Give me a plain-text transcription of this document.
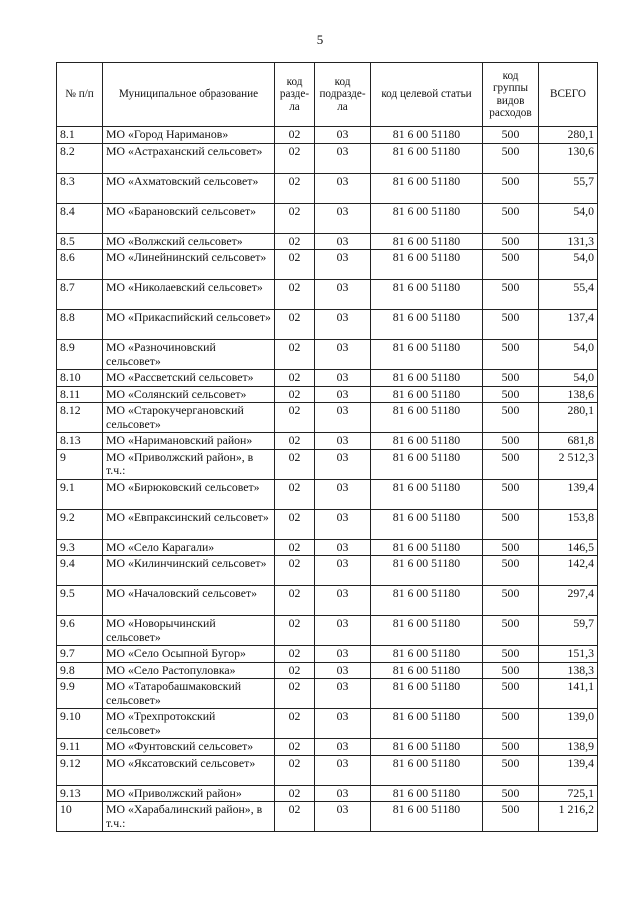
5
№ п/п	Муниципальное образование	код разде-ла	код подразде-ла	код целевой статьи	код группы видов расходов	ВСЕГО
8.1	МО «Город Нариманов»	02	03	81 6 00 51180	500	280,1
8.2	МО «Астраханский сельсовет»	02	03	81 6 00 51180	500	130,6
8.3	МО «Ахматовский сельсовет»	02	03	81 6 00 51180	500	55,7
8.4	МО «Барановский сельсовет»	02	03	81 6 00 51180	500	54,0
8.5	МО «Волжский сельсовет»	02	03	81 6 00 51180	500	131,3
8.6	МО «Линейнинский сельсовет»	02	03	81 6 00 51180	500	54,0
8.7	МО «Николаевский сельсовет»	02	03	81 6 00 51180	500	55,4
8.8	МО «Прикаспийский сельсовет»	02	03	81 6 00 51180	500	137,4
8.9	МО «Разночиновский сельсовет»	02	03	81 6 00 51180	500	54,0
8.10	МО «Рассветский сельсовет»	02	03	81 6 00 51180	500	54,0
8.11	МО «Солянский сельсовет»	02	03	81 6 00 51180	500	138,6
8.12	МО «Старокучергановский сельсовет»	02	03	81 6 00 51180	500	280,1
8.13	МО «Наримановский район»	02	03	81 6 00 51180	500	681,8
9	МО «Приволжский район», в т.ч.:	02	03	81 6 00 51180	500	2 512,3
9.1	МО «Бирюковский сельсовет»	02	03	81 6 00 51180	500	139,4
9.2	МО «Евпраксинский сельсовет»	02	03	81 6 00 51180	500	153,8
9.3	МО «Село Карагали»	02	03	81 6 00 51180	500	146,5
9.4	МО «Килинчинский сельсовет»	02	03	81 6 00 51180	500	142,4
9.5	МО «Началовский сельсовет»	02	03	81 6 00 51180	500	297,4
9.6	МО «Новорычинский сельсовет»	02	03	81 6 00 51180	500	59,7
9.7	МО «Село Осыпной Бугор»	02	03	81 6 00 51180	500	151,3
9.8	МО «Село Растопуловка»	02	03	81 6 00 51180	500	138,3
9.9	МО «Татаробашмаковский сельсовет»	02	03	81 6 00 51180	500	141,1
9.10	МО «Трехпротокский сельсовет»	02	03	81 6 00 51180	500	139,0
9.11	МО «Фунтовский сельсовет»	02	03	81 6 00 51180	500	138,9
9.12	МО «Яксатовский сельсовет»	02	03	81 6 00 51180	500	139,4
9.13	МО «Приволжский район»	02	03	81 6 00 51180	500	725,1
10	МО «Харабалинский район», в т.ч.:	02	03	81 6 00 51180	500	1 216,2
